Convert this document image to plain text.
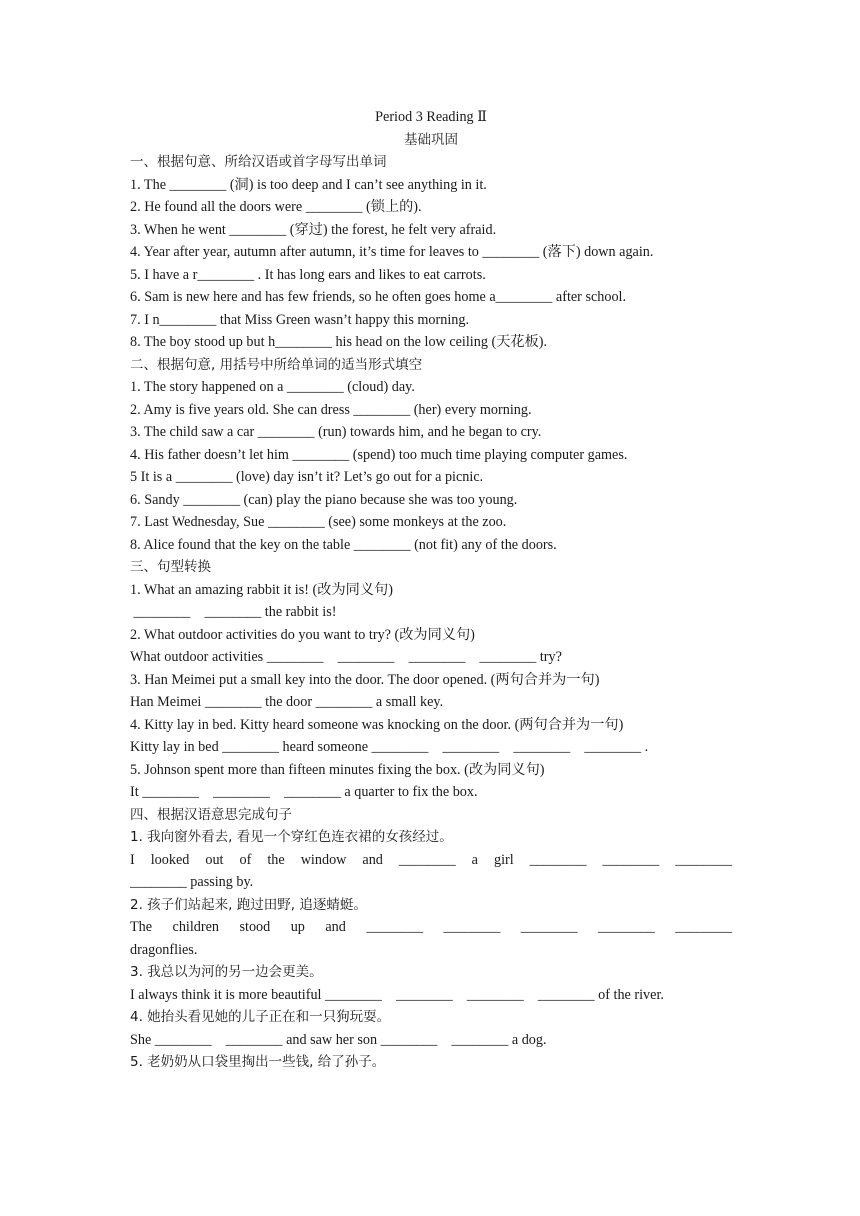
Period 3 Reading Ⅱ
基础巩固
一、根据句意、所给汉语或首字母写出单词
1. The ________ (洞) is too deep and I can’t see anything in it.
2. He found all the doors were ________ (锁上的).
3. When he went ________ (穿过) the forest, he felt very afraid.
4. Year after year, autumn after autumn, it’s time for leaves to ________ (落下) down again.
5. I have a r________ . It has long ears and likes to eat carrots.
6. Sam is new here and has few friends, so he often goes home a________ after school.
7. I n________ that Miss Green wasn’t happy this morning.
8. The boy stood up but h________ his head on the low ceiling (天花板).
二、根据句意, 用括号中所给单词的适当形式填空
1. The story happened on a ________ (cloud) day.
2. Amy is five years old. She can dress ________ (her) every morning.
3. The child saw a car ________ (run) towards him, and he began to cry.
4. His father doesn’t let him ________ (spend) too much time playing computer games.
5 It is a ________ (love) day isn’t it? Let’s go out for a picnic.
6. Sandy ________ (can) play the piano because she was too young.
7. Last Wednesday, Sue ________ (see) some monkeys at the zoo.
8. Alice found that the key on the table ________ (not fit) any of the doors.
三、句型转换
1. What an amazing rabbit it is! (改为同义句)
________    ________ the rabbit is!
2. What outdoor activities do you want to try? (改为同义句)
What outdoor activities ________    ________    ________    ________ try?
3. Han Meimei put a small key into the door. The door opened. (两句合并为一句)
Han Meimei ________ the door ________ a small key.
4. Kitty lay in bed. Kitty heard someone was knocking on the door. (两句合并为一句)
Kitty lay in bed ________ heard someone ________    ________    ________    ________ .
5. Johnson spent more than fifteen minutes fixing the box. (改为同义句)
It ________    ________    ________ a quarter to fix the box.
四、根据汉语意思完成句子
1. 我向窗外看去, 看见一个穿红色连衣裙的女孩经过。
I looked out of the window and ________ a girl ________ ________ ________
________ passing by.
2. 孩子们站起来, 跑过田野, 追逐蜻蜓。
The children stood up and ________ ________ ________ ________ ________
dragonflies.
3. 我总以为河的另一边会更美。
I always think it is more beautiful ________    ________    ________    ________ of the river.
4. 她抬头看见她的儿子正在和一只狗玩耍。
She ________    ________ and saw her son ________    ________ a dog.
5. 老奶奶从口袋里掏出一些钱, 给了孙子。
